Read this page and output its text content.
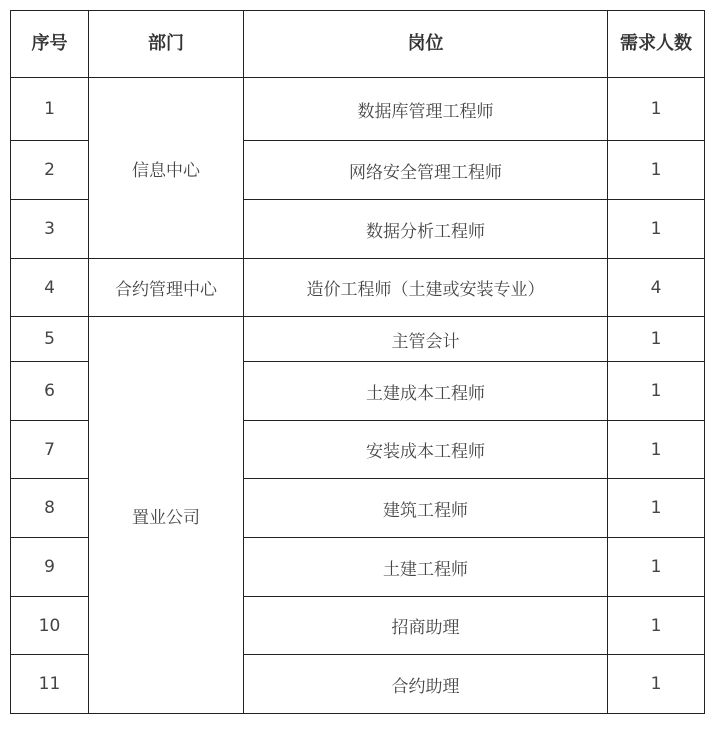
序号	部门	岗位	需求人数
1	信息中心	数据库管理工程师	1
2		网络安全管理工程师	1
3		数据分析工程师	1
4	合约管理中心	造价工程师（土建或安装专业）	4
5	置业公司	主管会计	1
6		土建成本工程师	1
7		安装成本工程师	1
8		建筑工程师	1
9		土建工程师	1
10		招商助理	1
11		合约助理	1
